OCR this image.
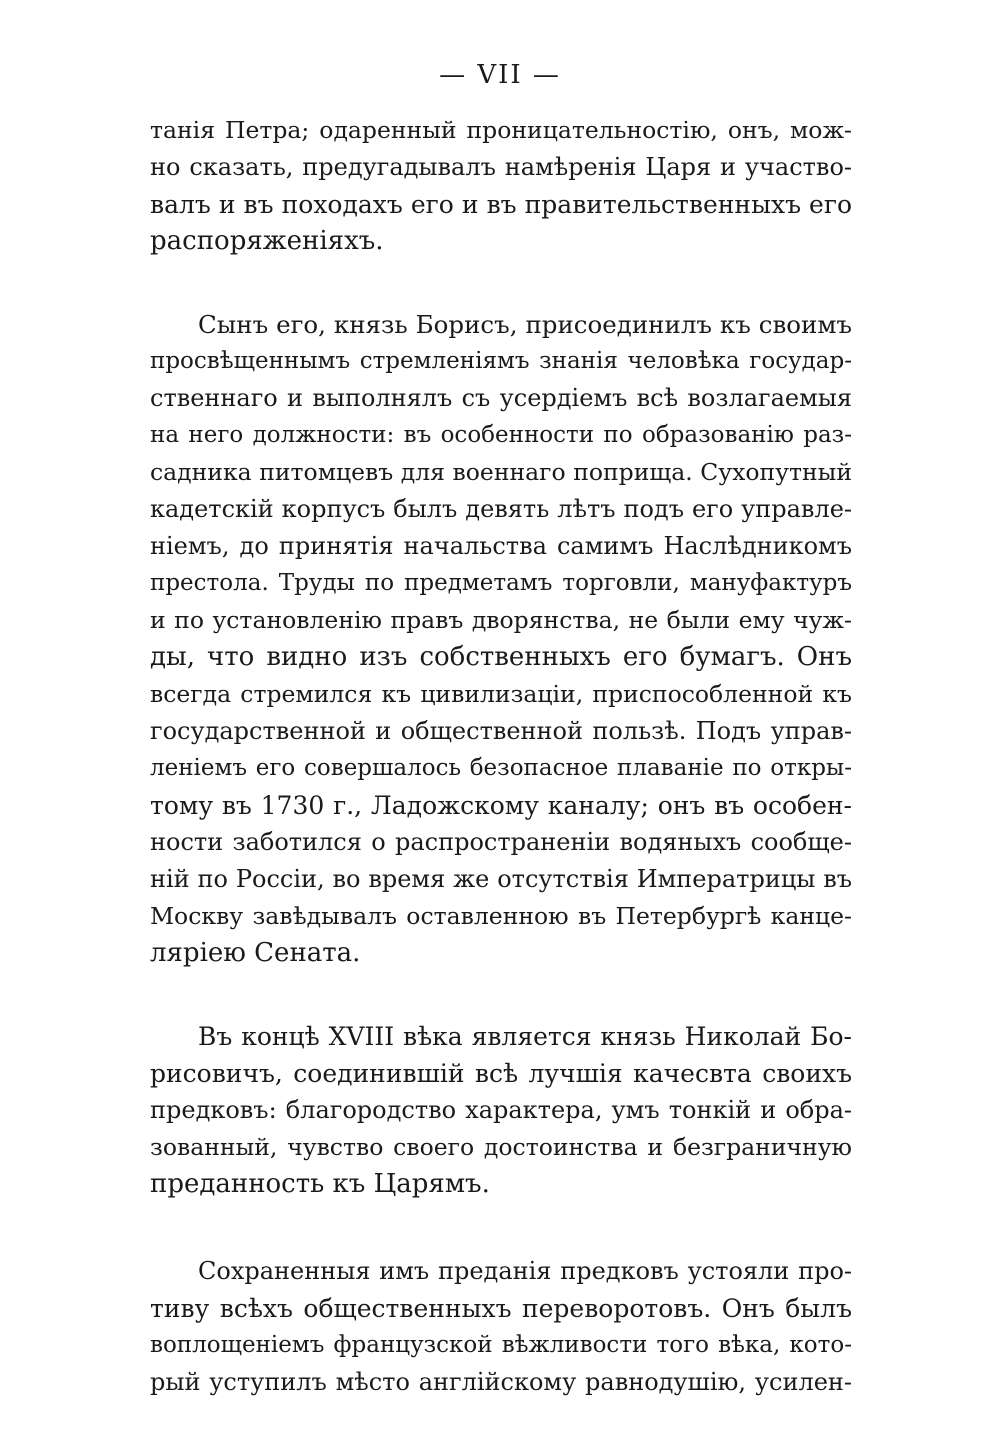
— VII —
танія Петра; одаренный проницательностію, онъ, мож-
но сказать, предугадывалъ намѣренія Царя и участво-
валъ и въ походахъ его и въ правительственныхъ его
распоряженіяхъ.
Сынъ его, князь Борисъ, присоединилъ къ своимъ
просвѣщеннымъ стремленіямъ знанія человѣка государ-
ственнаго и выполнялъ съ усердіемъ всѣ возлагаемыя
на него должности: въ особенности по образованію раз-
садника питомцевъ для военнаго поприща. Сухопутный
кадетскій корпусъ былъ девять лѣтъ подъ его управле-
ніемъ, до принятія начальства самимъ Наслѣдникомъ
престола. Труды по предметамъ торговли, мануфактуръ
и по установленію правъ дворянства, не были ему чуж-
ды, что видно изъ собственныхъ его бумагъ. Онъ
всегда стремился къ цивилизаціи, приспособленной къ
государственной и общественной пользѣ. Подъ управ-
леніемъ его совершалось безопасное плаваніе по откры-
тому въ 1730 г., Ладожскому каналу; онъ въ особен-
ности заботился о распространеніи водяныхъ сообще-
ній по Россіи, во время же отсутствія Императрицы въ
Москву завѣдывалъ оставленною въ Петербургѣ канце-
ляріею Сената.
Въ концѣ XVIII вѣка является князь Николай Бо-
рисовичъ, соединившій всѣ лучшія качесвта своихъ
предковъ: благородство характера, умъ тонкій и обра-
зованный, чувство своего достоинства и безграничную
преданность къ Царямъ.
Сохраненныя имъ преданія предковъ устояли про-
тиву всѣхъ общественныхъ переворотовъ. Онъ былъ
воплощеніемъ французской вѣжливости того вѣка, кото-
рый уступилъ мѣсто англійскому равнодушію, усилен-
